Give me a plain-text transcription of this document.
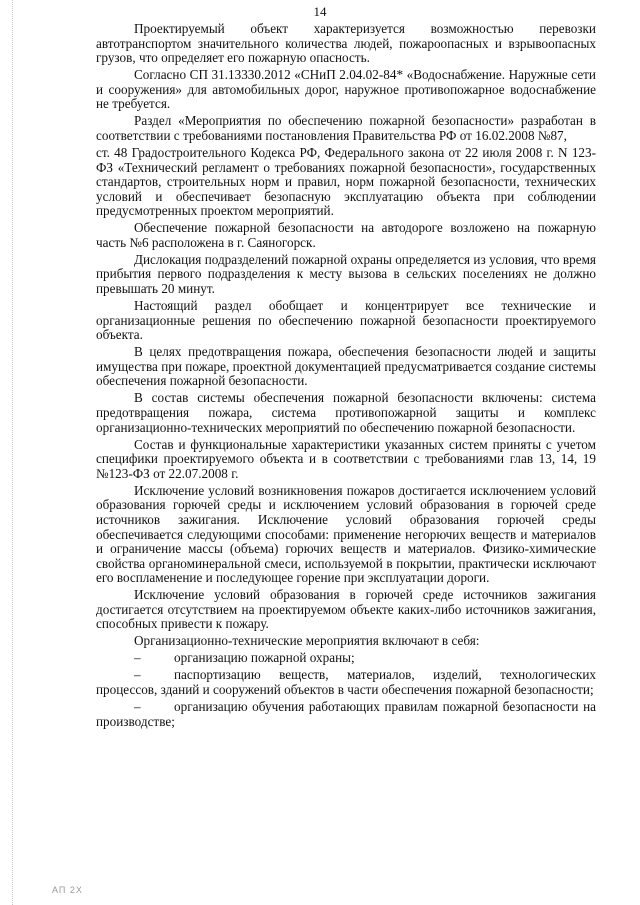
14

Проектируемый объект характеризуется возможностью перевозки автотранспортом значительного количества людей, пожароопасных и взрывоопасных грузов, что определяет его пожарную опасность.

Согласно СП 31.13330.2012 «СНиП 2.04.02-84* «Водоснабжение. Наружные сети и сооружения» для автомобильных дорог, наружное противопожарное водоснабжение не требуется.

Раздел «Мероприятия по обеспечению пожарной безопасности» разработан в соответствии с требованиями постановления Правительства РФ от 16.02.2008 №87,

ст. 48 Градостроительного Кодекса РФ, Федерального закона от 22 июля 2008 г. N 123-ФЗ «Технический регламент о требованиях пожарной безопасности», государственных стандартов, строительных норм и правил, норм пожарной безопасности, технических условий и обеспечивает безопасную эксплуатацию объекта при соблюдении предусмотренных проектом мероприятий.

Обеспечение пожарной безопасности на автодороге возложено на пожарную часть №6 расположена в г. Саяногорск.

Дислокация подразделений пожарной охраны определяется из условия, что время прибытия первого подразделения к месту вызова в сельских поселениях не должно превышать 20 минут.

Настоящий раздел обобщает и концентрирует все технические и организационные решения по обеспечению пожарной безопасности проектируемого объекта.

В целях предотвращения пожара, обеспечения безопасности людей и защиты имущества при пожаре, проектной документацией предусматривается создание системы обеспечения пожарной безопасности.

В состав системы обеспечения пожарной безопасности включены: система предотвращения пожара, система противопожарной защиты и комплекс организационно-технических мероприятий по обеспечению пожарной безопасности.

Состав и функциональные характеристики указанных систем приняты с учетом специфики проектируемого объекта и в соответствии с требованиями глав 13, 14, 19 №123-ФЗ от 22.07.2008 г.

Исключение условий возникновения пожаров достигается исключением условий образования горючей среды и исключением условий образования в горючей среде источников зажигания. Исключение условий образования горючей среды обеспечивается следующими способами: применение негорючих веществ и материалов и ограничение массы (объема) горючих веществ и материалов. Физико-химические свойства органоминеральной смеси, используемой в покрытии, практически исключают его воспламенение и последующее горение при эксплуатации дороги.

Исключение условий образования в горючей среде источников зажигания достигается отсутствием на проектируемом объекте каких-либо источников зажигания, способных привести к пожару.

Организационно-технические мероприятия включают в себя:

–	организацию пожарной охраны;

–	паспортизацию веществ, материалов, изделий, технологических процессов, зданий и сооружений объектов в части обеспечения пожарной безопасности;

–	организацию обучения работающих правилам пожарной безопасности на производстве;

АП 2Х
